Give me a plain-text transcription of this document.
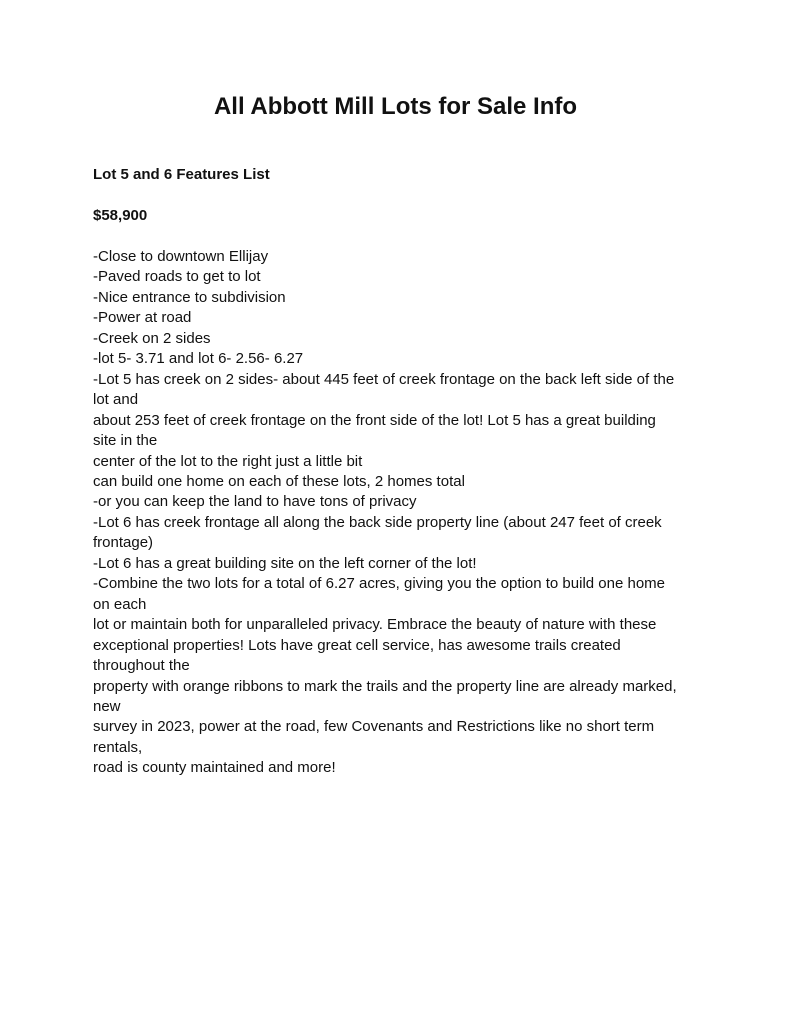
All Abbott Mill Lots for Sale Info

Lot 5 and 6 Features List

$58,900

-Close to downtown Ellijay
-Paved roads to get to lot
-Nice entrance to subdivision
-Power at road
-Creek on 2 sides
-lot 5- 3.71 and lot 6- 2.56- 6.27
-Lot 5 has creek on 2 sides- about 445 feet of creek frontage on the back left side of the
lot and
about 253 feet of creek frontage on the front side of the lot! Lot 5 has a great building
site in the
center of the lot to the right just a little bit
can build one home on each of these lots, 2 homes total
-or you can keep the land to have tons of privacy
-Lot 6 has creek frontage all along the back side property line (about 247 feet of creek
frontage)
-Lot 6 has a great building site on the left corner of the lot!
-Combine the two lots for a total of 6.27 acres, giving you the option to build one home
on each
lot or maintain both for unparalleled privacy. Embrace the beauty of nature with these
exceptional properties! Lots have great cell service, has awesome trails created
throughout the
property with orange ribbons to mark the trails and the property line are already marked,
new
survey in 2023, power at the road, few Covenants and Restrictions like no short term
rentals,
road is county maintained and more!
